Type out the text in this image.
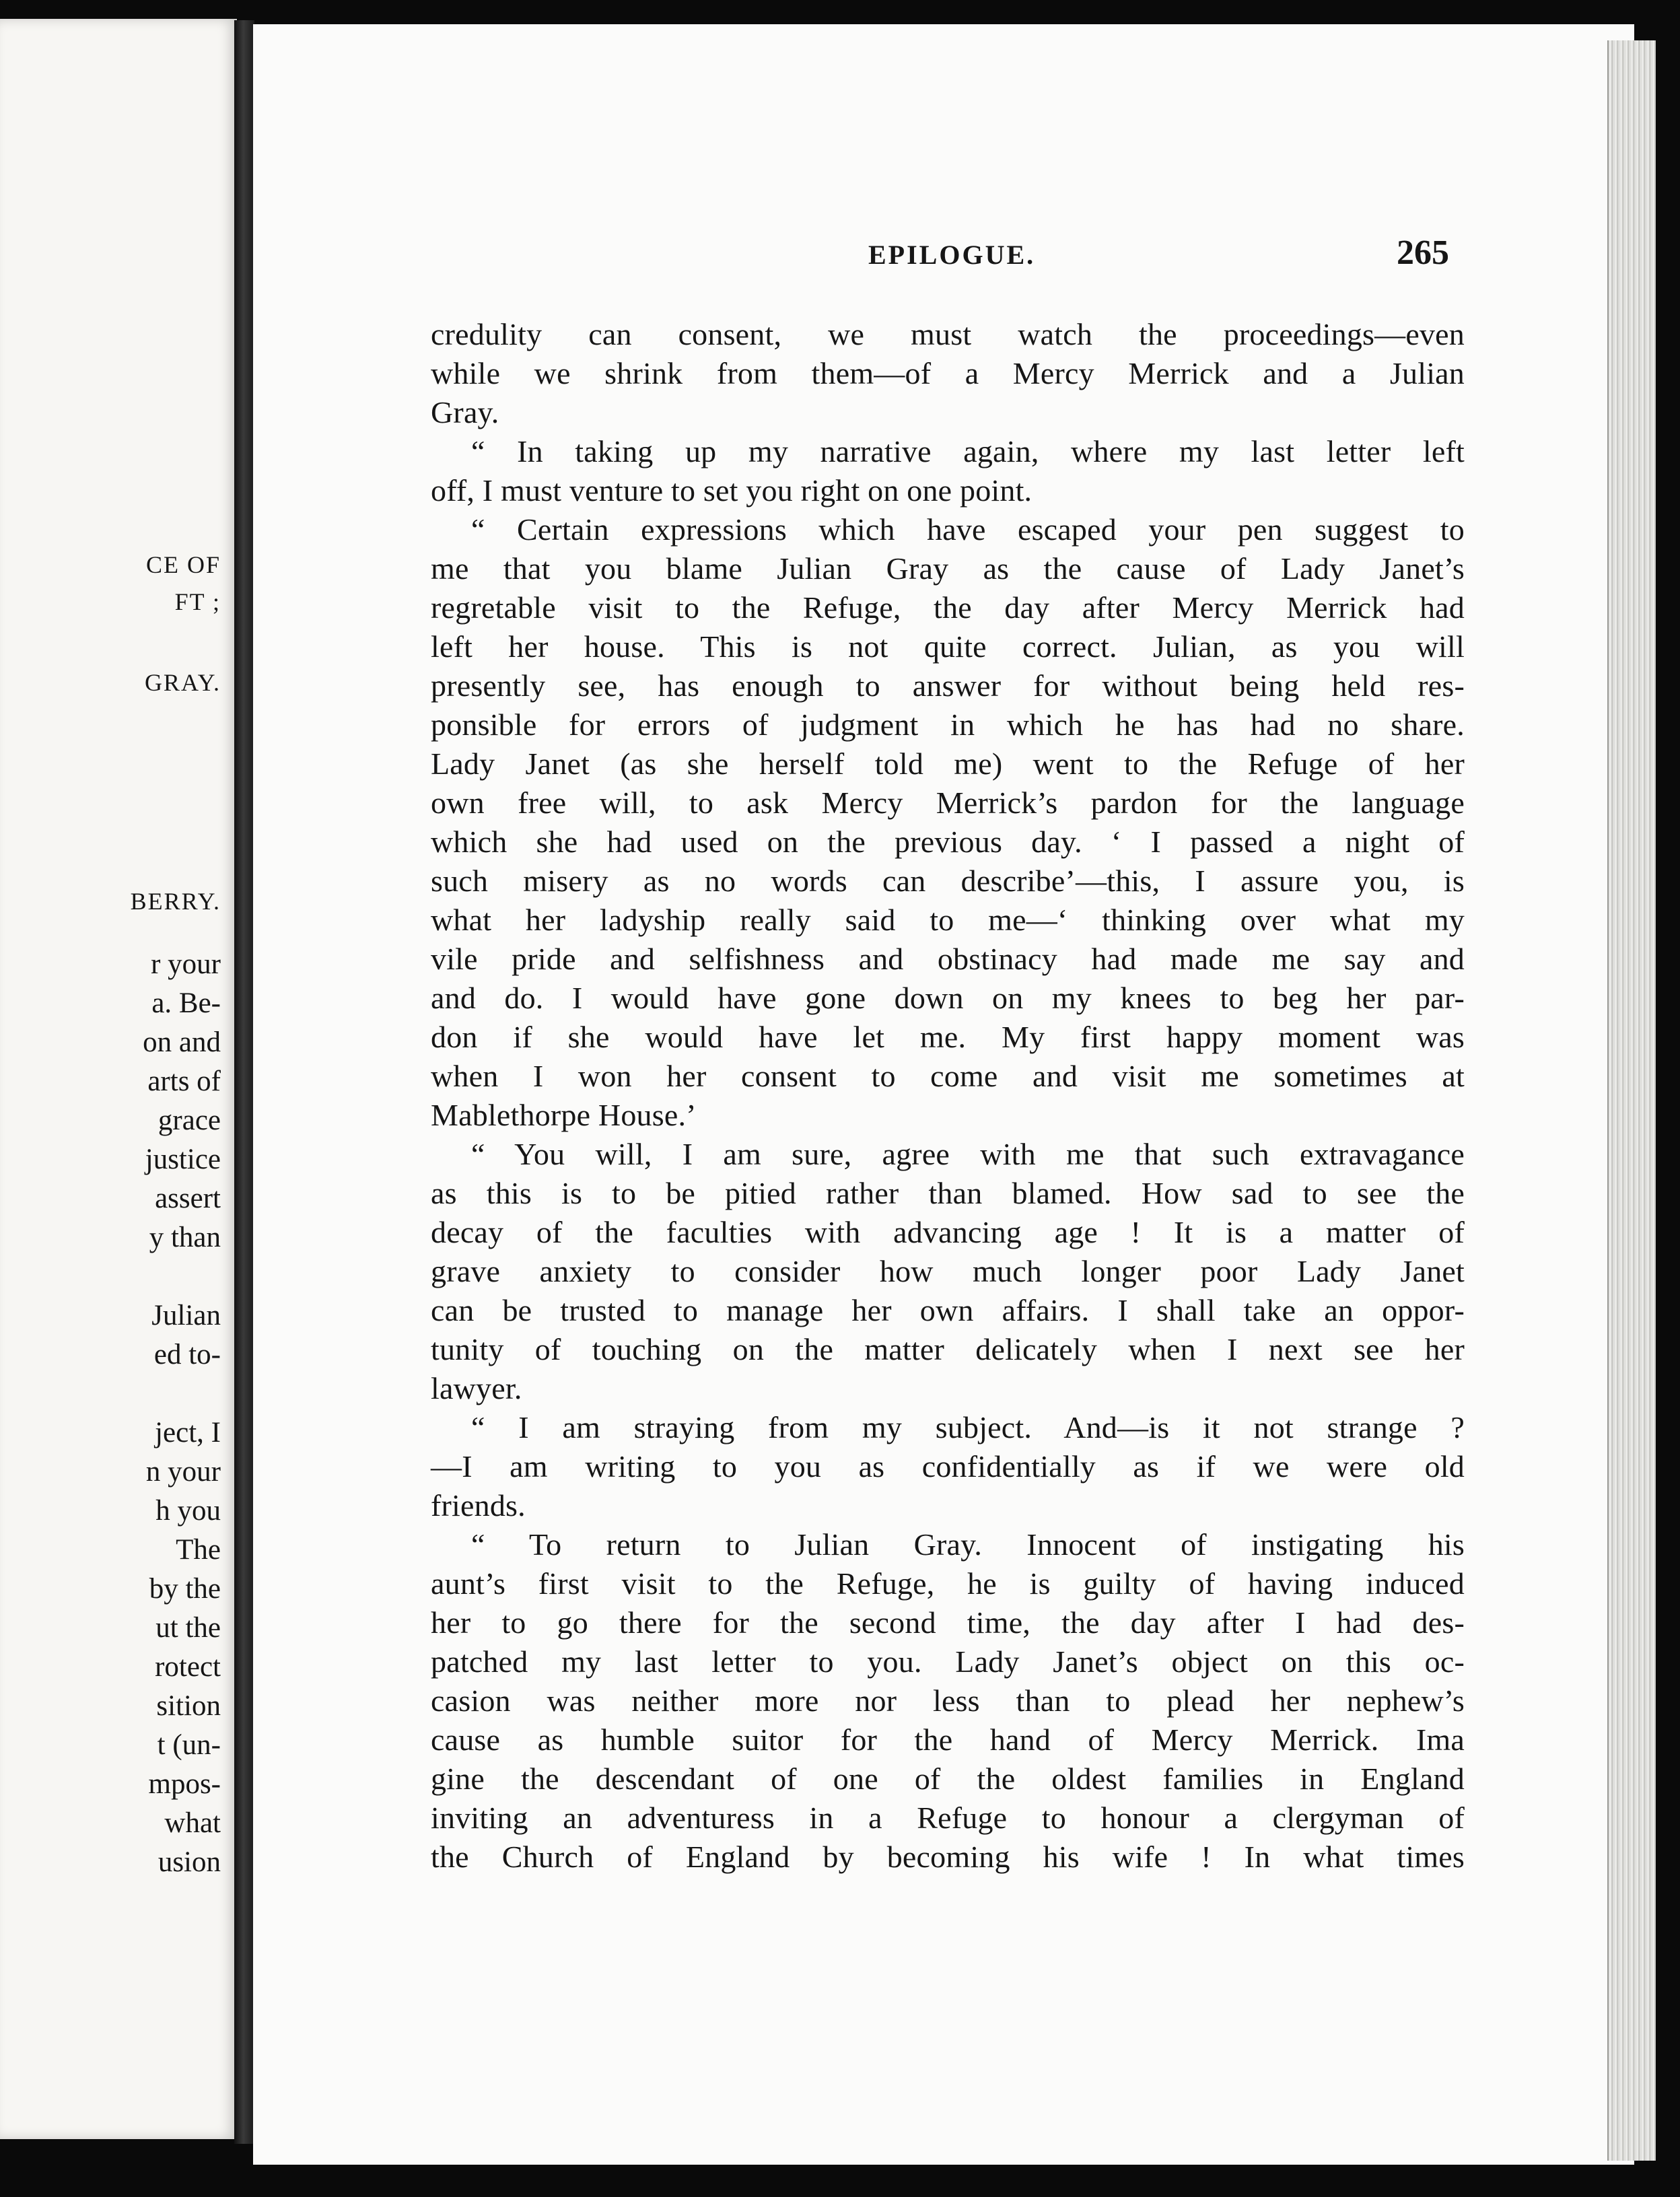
CE OF
FT ;
GRAY.
BERRY.
r your
a. Be-
on and
arts of
grace
justice
assert
y than
Julian
ed to-
ject, I
n your
h you
The
by the
ut the
rotect
sition
t (un-
mpos-
what
usion
EPILOGUE.	265
credulity can consent, we must watch the proceedings—even
while we shrink from them—of a Mercy Merrick and a Julian
Gray.
“ In taking up my narrative again, where my last letter left
off, I must venture to set you right on one point.
“ Certain expressions which have escaped your pen suggest to
me that you blame Julian Gray as the cause of Lady Janet’s
regretable visit to the Refuge, the day after Mercy Merrick had
left her house. This is not quite correct. Julian, as you will
presently see, has enough to answer for without being held res-
ponsible for errors of judgment in which he has had no share.
Lady Janet (as she herself told me) went to the Refuge of her
own free will, to ask Mercy Merrick’s pardon for the language
which she had used on the previous day. ‘ I passed a night of
such misery as no words can describe’—this, I assure you, is
what her ladyship really said to me—‘ thinking over what my
vile pride and selfishness and obstinacy had made me say and
and do. I would have gone down on my knees to beg her par-
don if she would have let me. My first happy moment was
when I won her consent to come and visit me sometimes at
Mablethorpe House.’
“ You will, I am sure, agree with me that such extravagance
as this is to be pitied rather than blamed. How sad to see the
decay of the faculties with advancing age ! It is a matter of
grave anxiety to consider how much longer poor Lady Janet
can be trusted to manage her own affairs. I shall take an oppor-
tunity of touching on the matter delicately when I next see her
lawyer.
“ I am straying from my subject. And—is it not strange ?
—I am writing to you as confidentially as if we were old
friends.
“ To return to Julian Gray. Innocent of instigating his
aunt’s first visit to the Refuge, he is guilty of having induced
her to go there for the second time, the day after I had des-
patched my last letter to you. Lady Janet’s object on this oc-
casion was neither more nor less than to plead her nephew’s
cause as humble suitor for the hand of Mercy Merrick. Ima
gine the descendant of one of the oldest families in England
inviting an adventuress in a Refuge to honour a clergyman of
the Church of England by becoming his wife ! In what times
